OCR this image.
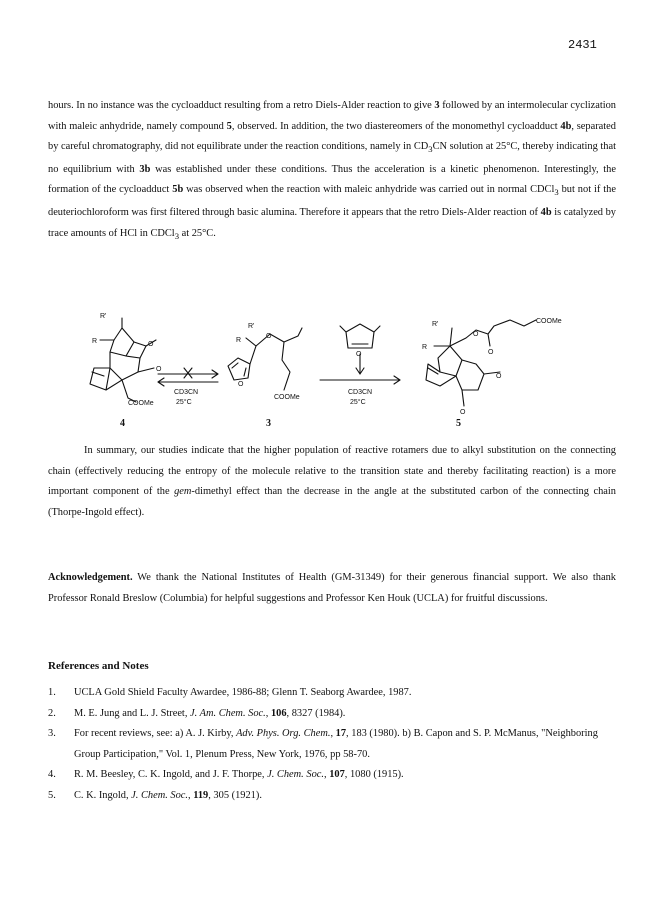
2431

hours. In no instance was the cycloadduct resulting from a retro Diels-Alder reaction to give 3 followed by an intermolecular cyclization with maleic anhydride, namely compound 5, observed. In addition, the two diastereomers of the monomethyl cycloadduct 4b, separated by careful chromatography, did not equilibrate under the reaction conditions, namely in $CD_3CN$ solution at 25°C, thereby indicating that no equilibrium with 3b was established under these conditions. Thus the acceleration is a kinetic phenomenon. Interestingly, the formation of the cycloadduct 5b was observed when the reaction with maleic anhydride was carried out in normal CDCl$_3$ but not if the deuteriochloroform was first filtered through basic alumina. Therefore it appears that the retro Diels-Alder reaction of 4b is catalyzed by trace amounts of HCl in CDCl$_3$ at 25°C.

R'
R	O
O
COOMe
CD3CN
25°C
4
R'
R
O
O
COOMe
3
O
CD3CN
25°C
R'
R
O
O
COOMe
O
O
5

In summary, our studies indicate that the higher population of reactive rotamers due to alkyl substitution on the connecting chain (effectively reducing the entropy of the molecule relative to the transition state and thereby facilitating reaction) is a more important component of the gem-dimethyl effect than the decrease in the angle at the substituted carbon of the connecting chain (Thorpe-Ingold effect).

Acknowledgement. We thank the National Institutes of Health (GM-31349) for their generous financial support. We also thank Professor Ronald Breslow (Columbia) for helpful suggestions and Professor Ken Houk (UCLA) for fruitful discussions.

References and Notes
1. UCLA Gold Shield Faculty Awardee, 1986-88; Glenn T. Seaborg Awardee, 1987.
2. M. E. Jung and L. J. Street, J. Am. Chem. Soc., 106, 8327 (1984).
3. For recent reviews, see: a) A. J. Kirby, Adv. Phys. Org. Chem., 17, 183 (1980). b) B. Capon and S. P. McManus, "Neighboring Group Participation," Vol. 1, Plenum Press, New York, 1976, pp 58-70.
4. R. M. Beesley, C. K. Ingold, and J. F. Thorpe, J. Chem. Soc., 107, 1080 (1915).
5. C. K. Ingold, J. Chem. Soc., 119, 305 (1921).
